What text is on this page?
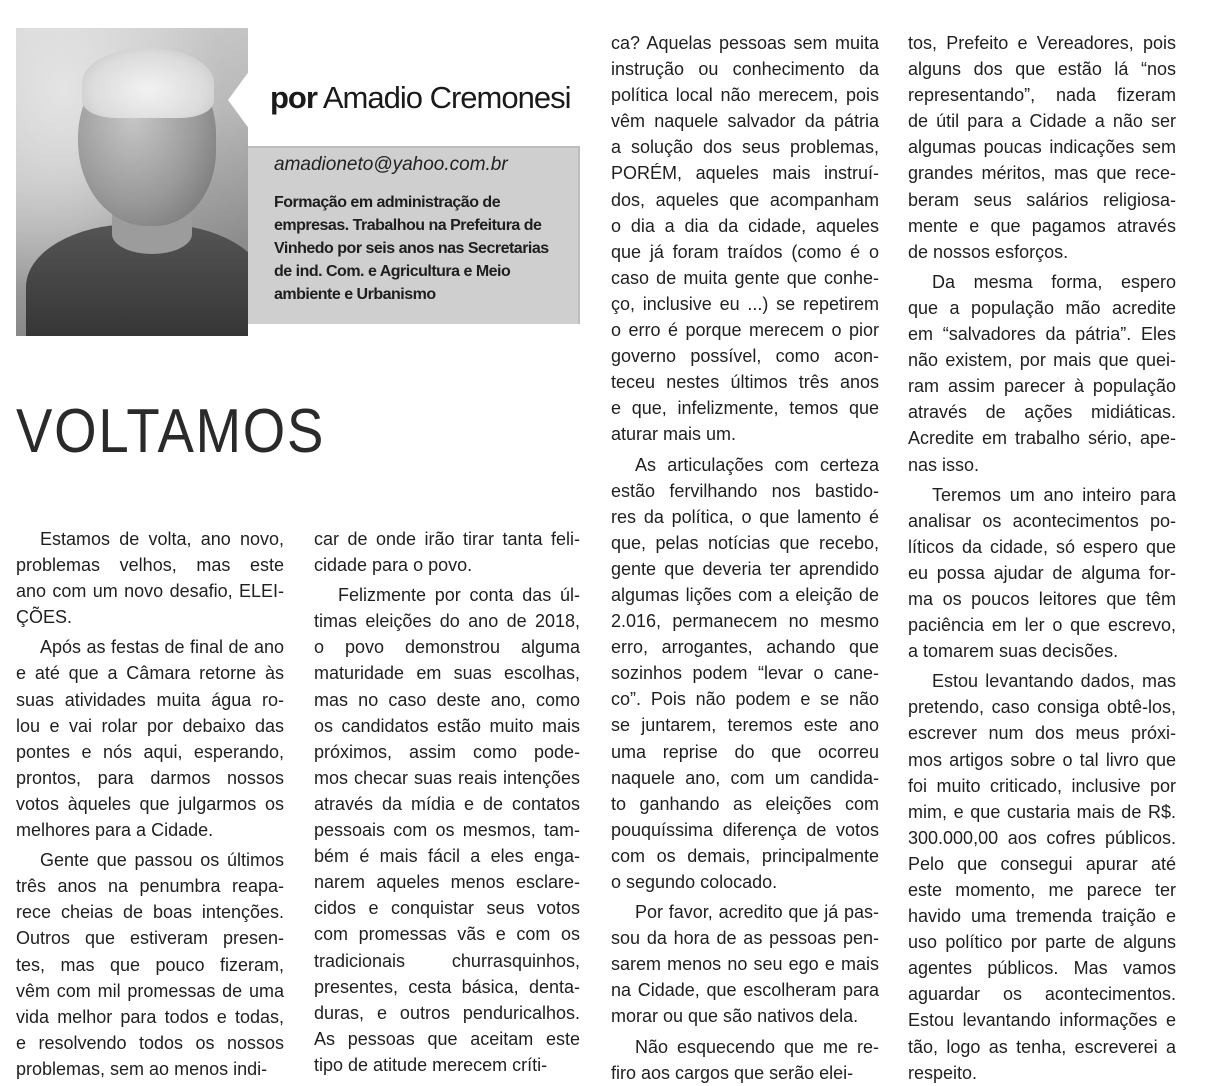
por Amadio Cremonesi
amadioneto@yahoo.com.br
Formação em administração de
empresas. Trabalhou na Prefeitura de
Vinhedo por seis anos nas Secretarias
de ind. Com. e Agricultura e Meio
ambiente e Urbanismo
VOLTAMOS
Estamos de volta, ano novo,
problemas velhos, mas este
ano com um novo desafio, ELEI-
ÇÕES.
Após as festas de final de ano
e até que a Câmara retorne às
suas atividades muita água ro-
lou e vai rolar por debaixo das
pontes e nós aqui, esperando,
prontos, para darmos nossos
votos àqueles que julgarmos os
melhores para a Cidade.
Gente que passou os últimos
três anos na penumbra reapa-
rece cheias de boas intenções.
Outros que estiveram presen-
tes, mas que pouco fizeram,
vêm com mil promessas de uma
vida melhor para todos e todas,
e resolvendo todos os nossos
problemas, sem ao menos indi-
car de onde irão tirar tanta feli-
cidade para o povo.
Felizmente por conta das úl-
timas eleições do ano de 2018,
o povo demonstrou alguma
maturidade em suas escolhas,
mas no caso deste ano, como
os candidatos estão muito mais
próximos, assim como pode-
mos checar suas reais intenções
através da mídia e de contatos
pessoais com os mesmos, tam-
bém é mais fácil a eles enga-
narem aqueles menos esclare-
cidos e conquistar seus votos
com promessas vãs e com os
tradicionais churrasquinhos,
presentes, cesta básica, denta-
duras, e outros penduricalhos.
As pessoas que aceitam este
tipo de atitude merecem críti-
ca? Aquelas pessoas sem muita
instrução ou conhecimento da
política local não merecem, pois
vêm naquele salvador da pátria
a solução dos seus problemas,
PORÉM, aqueles mais instruí-
dos, aqueles que acompanham
o dia a dia da cidade, aqueles
que já foram traídos (como é o
caso de muita gente que conhe-
ço, inclusive eu ...) se repetirem
o erro é porque merecem o pior
governo possível, como acon-
teceu nestes últimos três anos
e que, infelizmente, temos que
aturar mais um.
As articulações com certeza
estão fervilhando nos bastido-
res da política, o que lamento é
que, pelas notícias que recebo,
gente que deveria ter aprendido
algumas lições com a eleição de
2.016, permanecem no mesmo
erro, arrogantes, achando que
sozinhos podem “levar o cane-
co”. Pois não podem e se não
se juntarem, teremos este ano
uma reprise do que ocorreu
naquele ano, com um candida-
to ganhando as eleições com
pouquíssima diferença de votos
com os demais, principalmente
o segundo colocado.
Por favor, acredito que já pas-
sou da hora de as pessoas pen-
sarem menos no seu ego e mais
na Cidade, que escolheram para
morar ou que são nativos dela.
Não esquecendo que me re-
firo aos cargos que serão elei-
tos, Prefeito e Vereadores, pois
alguns dos que estão lá “nos
representando”, nada fizeram
de útil para a Cidade a não ser
algumas poucas indicações sem
grandes méritos, mas que rece-
beram seus salários religiosa-
mente e que pagamos através
de nossos esforços.
Da mesma forma, espero
que a população mão acredite
em “salvadores da pátria”. Eles
não existem, por mais que quei-
ram assim parecer à população
através de ações midiáticas.
Acredite em trabalho sério, ape-
nas isso.
Teremos um ano inteiro para
analisar os acontecimentos po-
líticos da cidade, só espero que
eu possa ajudar de alguma for-
ma os poucos leitores que têm
paciência em ler o que escrevo,
a tomarem suas decisões.
Estou levantando dados, mas
pretendo, caso consiga obtê-los,
escrever num dos meus próxi-
mos artigos sobre o tal livro que
foi muito criticado, inclusive por
mim, e que custaria mais de R$.
300.000,00 aos cofres públicos.
Pelo que consegui apurar até
este momento, me parece ter
havido uma tremenda traição e
uso político por parte de alguns
agentes públicos. Mas vamos
aguardar os acontecimentos.
Estou levantando informações e
tão, logo as tenha, escreverei a
respeito.
